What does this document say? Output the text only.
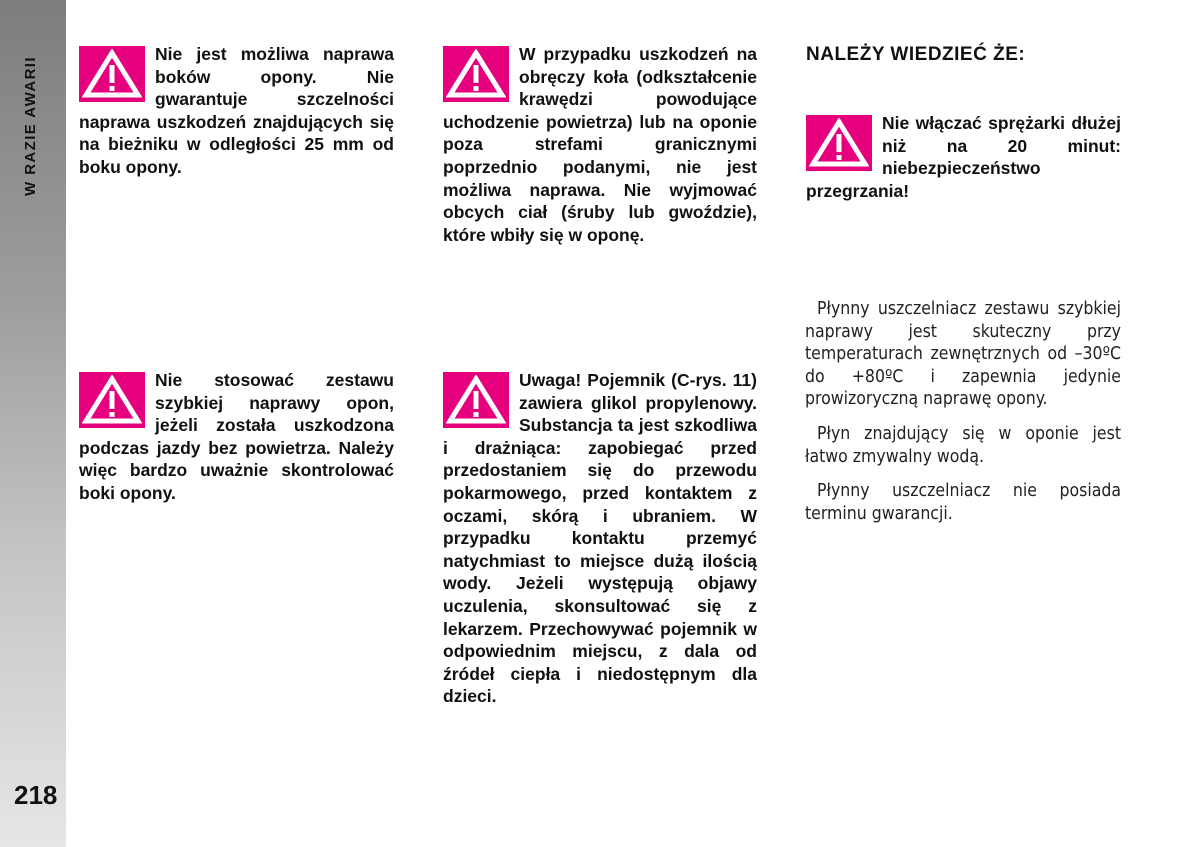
W RAZIE AWARII
218
Nie jest możliwa naprawa boków opony. Nie gwarantuje szczelności naprawa uszkodzeń znajdujących się na bieżniku w odległości 25 mm od boku opony.
W przypadku uszkodzeń na obręczy koła (odkształcenie krawędzi powodujące uchodzenie powietrza) lub na oponie poza strefami granicznymi poprzednio podanymi, nie jest możliwa naprawa. Nie wyjmować obcych ciał (śruby lub gwoździe), które wbiły się w oponę.
Nie stosować zestawu szybkiej naprawy opon, jeżeli została uszkodzona podczas jazdy bez powietrza. Należy więc bardzo uważnie skontrolować boki opony.
Uwaga! Pojemnik (C-rys. 11) zawiera glikol propylenowy. Substancja ta jest szkodliwa i drażniąca: zapobiegać przed przedostaniem się do przewodu pokarmowego, przed kontaktem z oczami, skórą i ubraniem. W przypadku kontaktu przemyć natychmiast to miejsce dużą ilością wody. Jeżeli występują objawy uczulenia, skonsultować się z lekarzem. Przechowywać pojemnik w odpowiednim miejscu, z dala od źródeł ciepła i niedostępnym dla dzieci.
NALEŻY WIEDZIEĆ ŻE:
Nie włączać sprężarki dłużej niż na 20 minut: niebezpieczeństwo przegrzania!

Płynny uszczelniacz zestawu szybkiej naprawy jest skuteczny przy temperaturach zewnętrznych od –30ºC do +80ºC i zapewnia jedynie prowizoryczną naprawę opony.

Płyn znajdujący się w oponie jest łatwo zmywalny wodą.

Płynny uszczelniacz nie posiada terminu gwarancji.
